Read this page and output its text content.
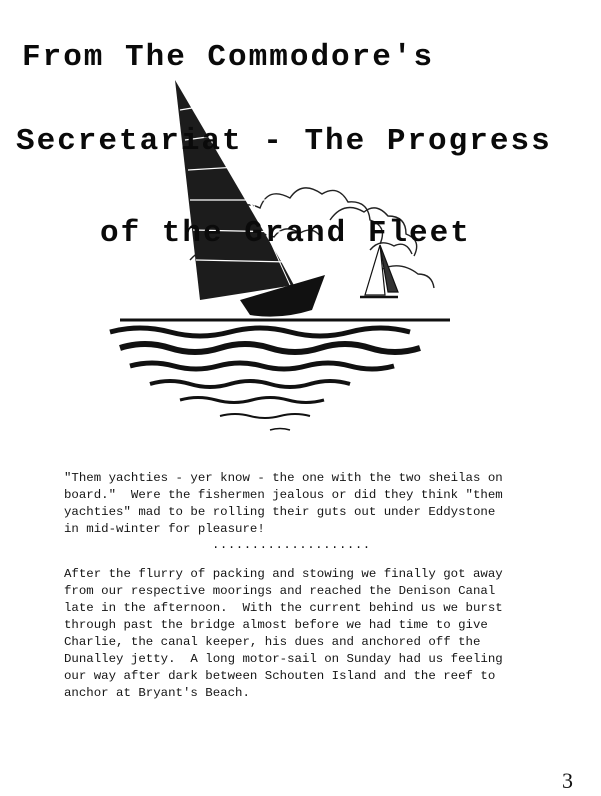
From The Commodore's
Secretariat - The Progress
of the Grand Fleet
"Them yachties - yer know - the one with the two sheilas on
board."  Were the fishermen jealous or did they think "them
yachties" mad to be rolling their guts out under Eddystone
in mid-winter for pleasure!
....................
After the flurry of packing and stowing we finally got away
from our respective moorings and reached the Denison Canal
late in the afternoon.  With the current behind us we burst
through past the bridge almost before we had time to give
Charlie, the canal keeper, his dues and anchored off the
Dunalley jetty.  A long motor-sail on Sunday had us feeling
our way after dark between Schouten Island and the reef to
anchor at Bryant's Beach.
3
